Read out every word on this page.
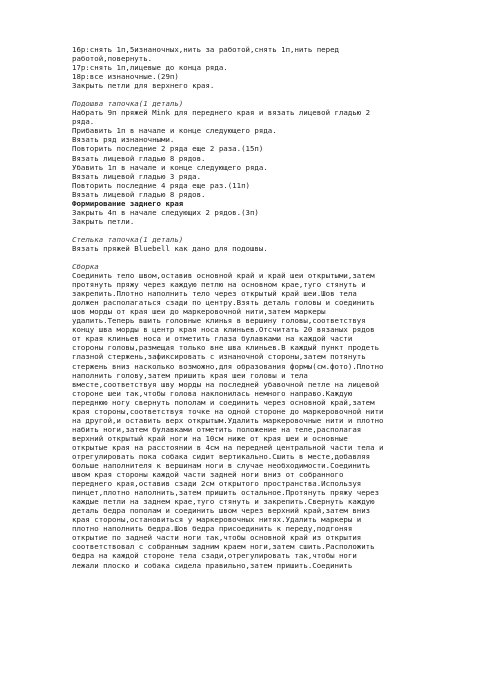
16р:снять 1п,5изнаночных,нить за работой,снять 1п,нить перед
работой,повернуть.
17р:снять 1п,лицевые до конца ряда.
18р:все изнаночные.(29п)
Закрыть петли для верхнего края.
Подошва тапочка(1 деталь)
Набрать 9п пряжей Mink для переднего края и вязать лицевой гладью 2
ряда.
Прибавить 1п в начале и конце следующего ряда.
Вязать ряд изнаночными.
Повторить последние 2 ряда еще 2 раза.(15п)
Вязать лицевой гладью 8 рядов.
Убавить 1п в начале и конце следующего ряда.
Вязать лицевой гладью 3 ряда.
Повторить последние 4 ряда еще раз.(11п)
Вязать лицевой гладью 8 рядов.
Формирование заднего края
Закрыть 4п в начале следующих 2 рядов.(3п)
Закрыть петли.
Стелька тапочка(1 деталь)
Вязать пряжей Bluebell как дано для подошвы.
Сборка
Соединить тело швом,оставив основной край и край шеи открытыми,затем
протянуть пряжу через каждую петлю на основном крае,туго стянуть и
закрепить.Плотно наполнить тело через открытый край шеи.Шов тела
должен располагаться сзади по центру.Взять деталь головы и соединить
шов морды от края шеи до маркеровочной нити,затем маркеры
удалить.Теперь вшить головные клинья в вершину головы,соответствуя
концу шва морды в центр края носа клиньев.Отсчитать 20 вязаных рядов
от края клиньев носа и отметить глаза булавками на каждой части
стороны головы,размещая только вне шва клиньев.В каждый пункт продеть
глазной стержень,зафиксировать с изнаночной стороны,затем потянуть
стержень вниз насколько возможно,для образования формы(см.фото).Плотно
наполнить голову,затем пришить края шеи головы и тела
вместе,соответствуя шву морды на последней убавочной петле на лицевой
стороне шеи так,чтобы голова наклонилась немного направо.Каждую
переднюю ногу свернуть пополам и соединить через основной край,затем
края стороны,соответствуя точке на одной стороне до маркеровочной нити
на другой,и оставить верх открытым.Удалить маркеровочные нити и плотно
набить ноги,затем булавками отметить положение на теле,располагая
верхний открытый край ноги на 10см ниже от края шеи и основные
открытые края на расстоянии в 4см на передней центральной части тела и
отрегулировать пока собака сидит вертикально.Сшить в месте,добавляя
больше наполнителя к вершинам ноги в случае необходимости.Соединить
швом края стороны каждой части задней ноги вниз от собранного
переднего края,оставив сзади 2см открытого пространства.Используя
пинцет,плотно наполнить,затем пришить остальное.Протянуть пряжу через
каждые петли на заднем крае,туго стянуть и закрепить.Свернуть каждую
деталь бедра пополам и соединить швом через верхний край,затем вниз
края стороны,остановиться у маркеровочных нитях.Удалить маркеры и
плотно наполнить бедра.Шов бедра присоединить к переду,подгоняя
открытие по задней части ноги так,чтобы основной край из открытия
соответствовал с собранным задним краем ноги,затем сшить.Расположить
бедра на каждой стороне тела сзади,отрегулировать так,чтобы ноги
лежали плоско и собака сидела правильно,затем пришить.Соединить
